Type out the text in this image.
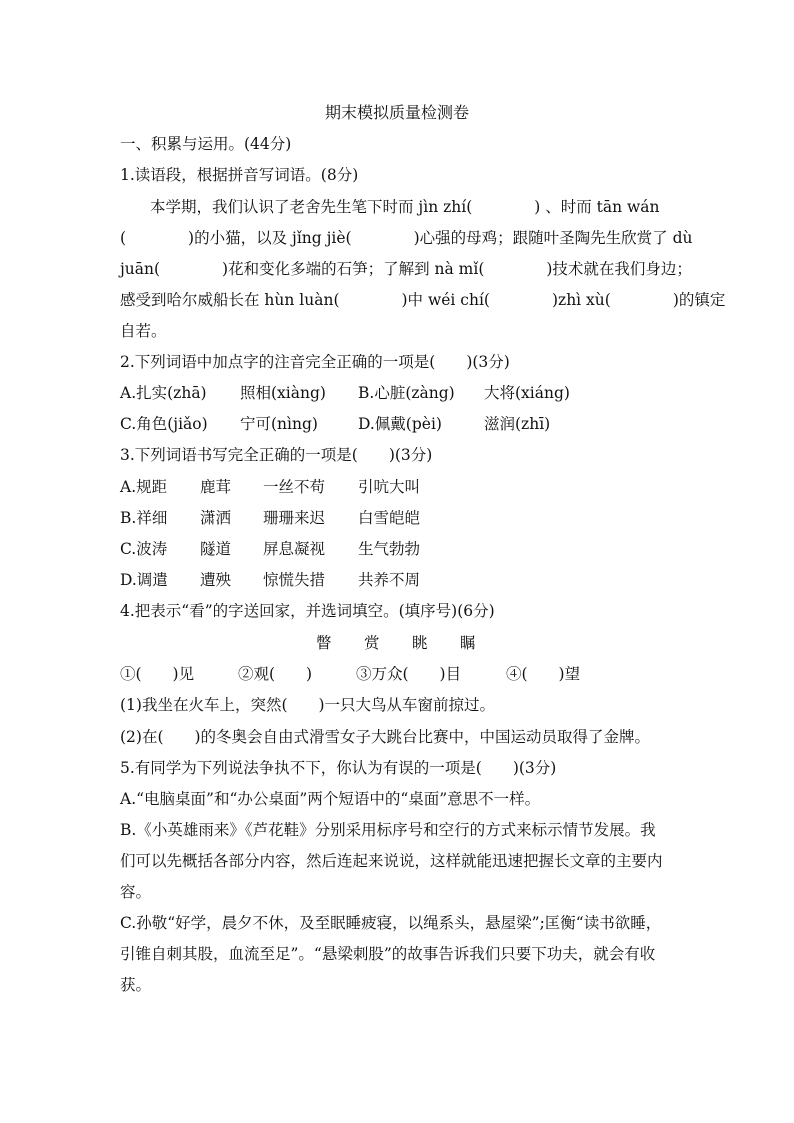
期末模拟质量检测卷
一、积累与运用。(44分)
1.读语段，根据拼音写词语。(8分)
本学期，我们认识了老舍先生笔下时而 jìn zhí(　　　　) 、时而 tān wán
(　　　　)的小猫，以及 jǐng jiè(　　　　)心强的母鸡；跟随叶圣陶先生欣赏了 dù
juān(　　　　)花和变化多端的石笋；了解到 nà mǐ(　　　　)技术就在我们身边；
感受到哈尔威船长在 hùn luàn(　　　　)中 wéi chí(　　　　)zhì xù(　　　　)的镇定
自若。
2.下列词语中加点字的注音完全正确的一项是(　　)(3分)
A.扎实(zhā) 照相(xiàng) B.心脏(zàng) 大将(xiáng)
C.角色(jiǎo) 宁可(nìng)	D.佩戴(pèi)	滋润(zhī)
3.下列词语书写完全正确的一项是(　　)(3分)
A.规距 鹿茸 一丝不苟 引吭大叫
B.祥细 潇洒 珊珊来迟 白雪皑皑
C.波涛 隧道 屏息凝视 生气勃勃
D.调遣 遭殃 惊慌失措 共养不周
4.把表示“看”的字送回家，并选词填空。(填序号)(6分)
瞥 赏 眺 瞩
①(　　)见	②观(　　)	③万众(　　)目	④(　　)望
(1)我坐在火车上，突然(　　)一只大鸟从车窗前掠过。
(2)在(　　)的冬奥会自由式滑雪女子大跳台比赛中，中国运动员取得了金牌。
5.有同学为下列说法争执不下，你认为有误的一项是(　　)(3分)
A.“电脑桌面”和“办公桌面”两个短语中的“桌面”意思不一样。
B.《小英雄雨来》《芦花鞋》分别采用标序号和空行的方式来标示情节发展。我
们可以先概括各部分内容，然后连起来说说，这样就能迅速把握长文章的主要内
容。
C.孙敬“好学，晨夕不休，及至眠睡疲寝，以绳系头，悬屋梁”;匡衡“读书欲睡，
引锥自刺其股，血流至足”。“悬梁刺股”的故事告诉我们只要下功夫，就会有收
获。
